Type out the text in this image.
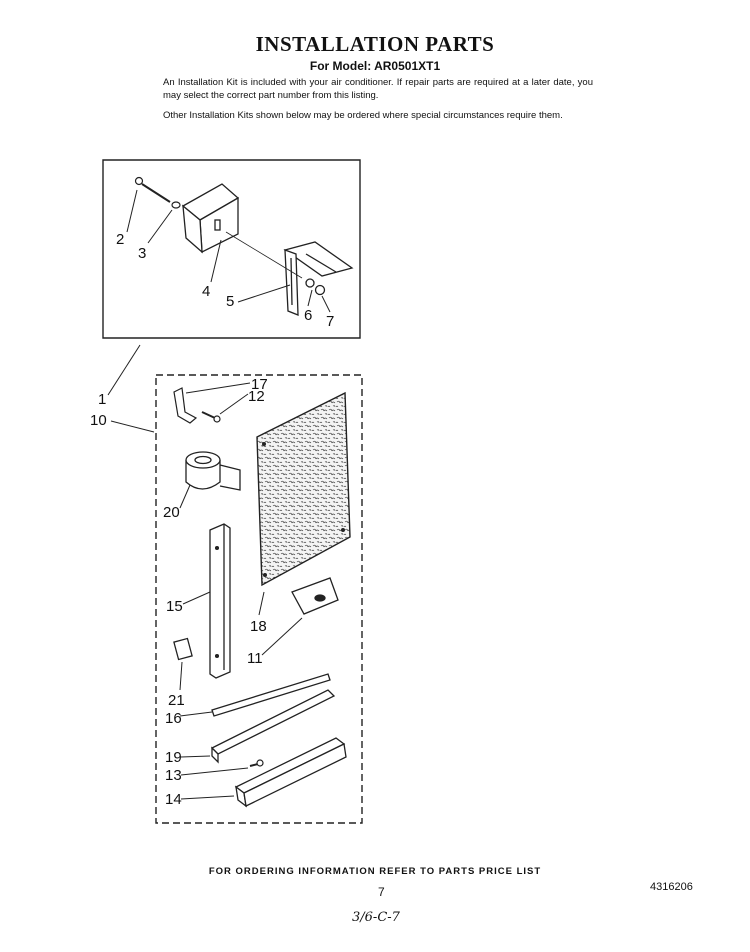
INSTALLATION PARTS
For Model: AR0501XT1

An Installation Kit is included with your air conditioner. If repair parts are required at a later date, you may select the correct part number from this listing.

Other Installation Kits shown below may be ordered where special circumstances require them.

2
3
4
5
6 7
1
10
17
12
20
15
18
11
21
16
19
13
14
FOR ORDERING INFORMATION REFER TO PARTS PRICE LIST
7	4316206
3/6-C-7
